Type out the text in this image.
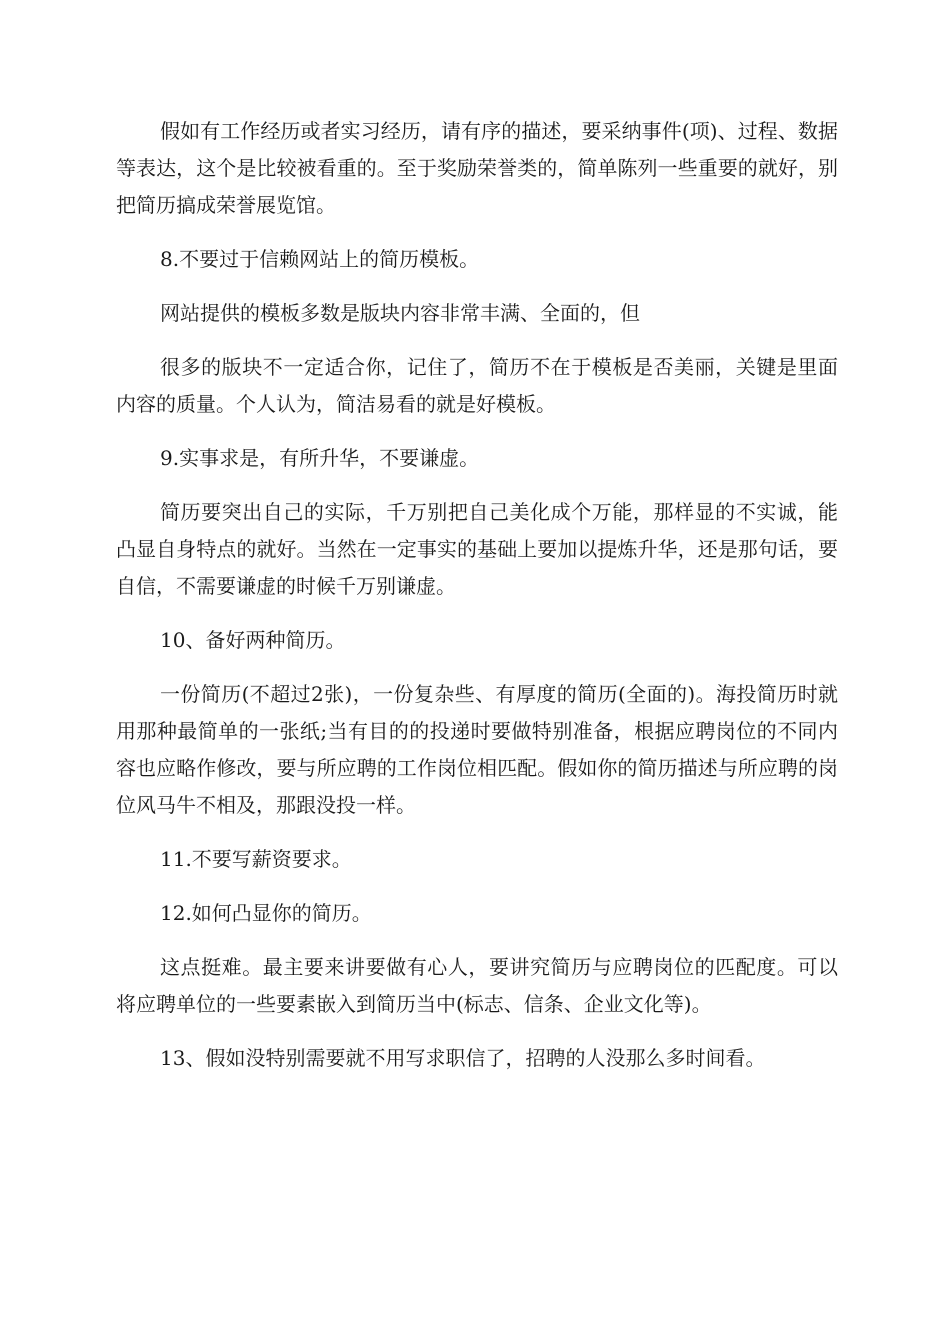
假如有工作经历或者实习经历，请有序的描述，要采纳事件(项)、过程、数据等表达，这个是比较被看重的。至于奖励荣誉类的，简单陈列一些重要的就好，别把简历搞成荣誉展览馆。

8.不要过于信赖网站上的简历模板。

网站提供的模板多数是版块内容非常丰满、全面的，但

很多的版块不一定适合你，记住了，简历不在于模板是否美丽，关键是里面内容的质量。个人认为，简洁易看的就是好模板。

9.实事求是，有所升华，不要谦虚。

简历要突出自己的实际，千万别把自己美化成个万能，那样显的不实诚，能凸显自身特点的就好。当然在一定事实的基础上要加以提炼升华，还是那句话，要自信，不需要谦虚的时候千万别谦虚。

10、备好两种简历。

一份简历(不超过2张)，一份复杂些、有厚度的简历(全面的)。海投简历时就用那种最简单的一张纸;当有目的的投递时要做特别准备，根据应聘岗位的不同内容也应略作修改，要与所应聘的工作岗位相匹配。假如你的简历描述与所应聘的岗位风马牛不相及，那跟没投一样。

11.不要写薪资要求。

12.如何凸显你的简历。

这点挺难。最主要来讲要做有心人，要讲究简历与应聘岗位的匹配度。可以将应聘单位的一些要素嵌入到简历当中(标志、信条、企业文化等)。

13、假如没特别需要就不用写求职信了，招聘的人没那么多时间看。
